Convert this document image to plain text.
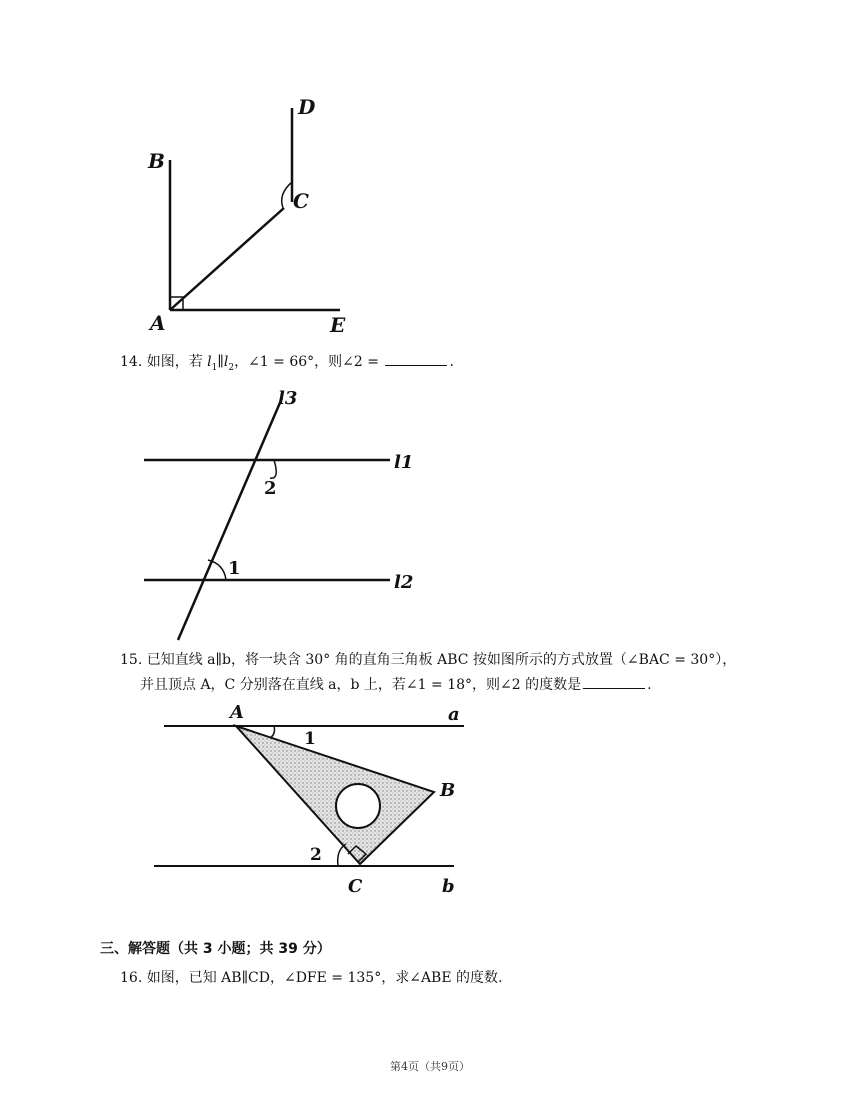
B
D
C
A	E
14. 如图，若 $l_1\parallel l_2$，∠1 = 66°，则∠2 =	.
l3
l1
l2
2
1
15. 已知直线 a∥b，将一块含 30° 角的直角三角板 ABC 按如图所示的方式放置（∠BAC = 30°），
并且顶点 A，C 分别落在直线 a，b 上，若∠1 = 18°，则∠2 的度数是	.
A	a
1
B
2
C	b
三、解答题（共 3 小题；共 39 分）
16. 如图，已知 AB∥CD，∠DFE = 135°，求∠ABE 的度数.
第4页（共9页）
